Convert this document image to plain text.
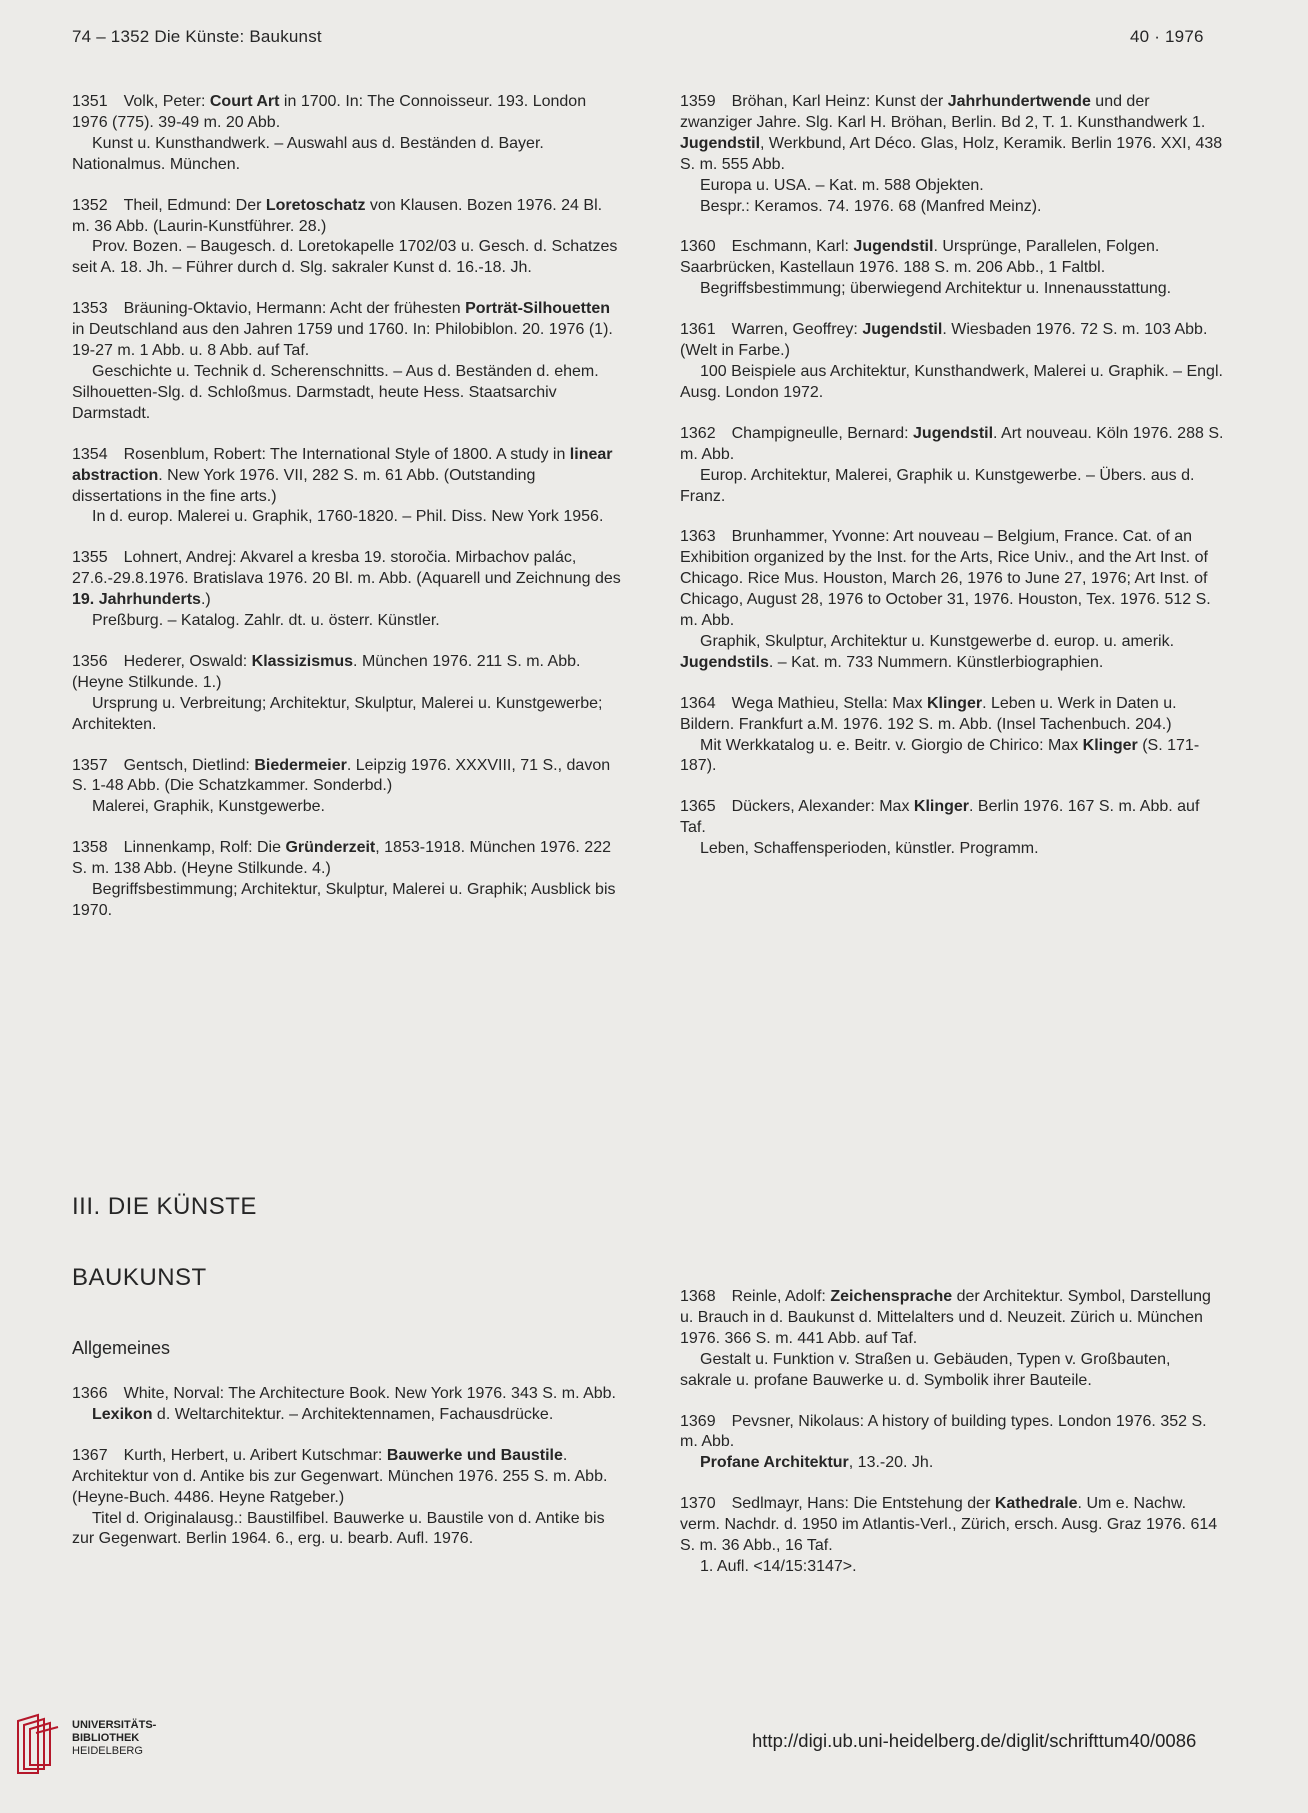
74 – 1352 Die Künste: Baukunst	40 · 1976
1351 Volk, Peter: Court Art in 1700. In: The Connoisseur. 193. London 1976 (775). 39-49 m. 20 Abb.
Kunst u. Kunsthandwerk. – Auswahl aus d. Beständen d. Bayer. Nationalmus. München.
1352 Theil, Edmund: Der Loretoschatz von Klausen. Bozen 1976. 24 Bl. m. 36 Abb. (Laurin-Kunstführer. 28.)
Prov. Bozen. – Baugesch. d. Loretokapelle 1702/03 u. Gesch. d. Schatzes seit A. 18. Jh. – Führer durch d. Slg. sakraler Kunst d. 16.-18. Jh.
1353 Bräuning-Oktavio, Hermann: Acht der frühesten Porträt-Silhouetten in Deutschland aus den Jahren 1759 und 1760. In: Philobiblon. 20. 1976 (1). 19-27 m. 1 Abb. u. 8 Abb. auf Taf.
Geschichte u. Technik d. Scherenschnitts. – Aus d. Beständen d. ehem. Silhouetten-Slg. d. Schloßmus. Darmstadt, heute Hess. Staatsarchiv Darmstadt.
1354 Rosenblum, Robert: The International Style of 1800. A study in linear abstraction. New York 1976. VII, 282 S. m. 61 Abb. (Outstanding dissertations in the fine arts.)
In d. europ. Malerei u. Graphik, 1760-1820. – Phil. Diss. New York 1956.
1355 Lohnert, Andrej: Akvarel a kresba 19. storočia. Mirbachov palác, 27.6.-29.8.1976. Bratislava 1976. 20 Bl. m. Abb. (Aquarell und Zeichnung des 19. Jahrhunderts.)
Preßburg. – Katalog. Zahlr. dt. u. österr. Künstler.
1356 Hederer, Oswald: Klassizismus. München 1976. 211 S. m. Abb. (Heyne Stilkunde. 1.)
Ursprung u. Verbreitung; Architektur, Skulptur, Malerei u. Kunstgewerbe; Architekten.
1357 Gentsch, Dietlind: Biedermeier. Leipzig 1976. XXXVIII, 71 S., davon S. 1-48 Abb. (Die Schatzkammer. Sonderbd.)
Malerei, Graphik, Kunstgewerbe.
1358 Linnenkamp, Rolf: Die Gründerzeit, 1853-1918. München 1976. 222 S. m. 138 Abb. (Heyne Stilkunde. 4.)
Begriffsbestimmung; Architektur, Skulptur, Malerei u. Graphik; Ausblick bis 1970.
1359 Bröhan, Karl Heinz: Kunst der Jahrhundertwende und der zwanziger Jahre. Slg. Karl H. Bröhan, Berlin. Bd 2, T. 1. Kunsthandwerk 1. Jugendstil, Werkbund, Art Déco. Glas, Holz, Keramik. Berlin 1976. XXI, 438 S. m. 555 Abb.
Europa u. USA. – Kat. m. 588 Objekten.
Bespr.: Keramos. 74. 1976. 68 (Manfred Meinz).
1360 Eschmann, Karl: Jugendstil. Ursprünge, Parallelen, Folgen. Saarbrücken, Kastellaun 1976. 188 S. m. 206 Abb., 1 Faltbl.
Begriffsbestimmung; überwiegend Architektur u. Innenausstattung.
1361 Warren, Geoffrey: Jugendstil. Wiesbaden 1976. 72 S. m. 103 Abb. (Welt in Farbe.)
100 Beispiele aus Architektur, Kunsthandwerk, Malerei u. Graphik. – Engl. Ausg. London 1972.
1362 Champigneulle, Bernard: Jugendstil. Art nouveau. Köln 1976. 288 S. m. Abb.
Europ. Architektur, Malerei, Graphik u. Kunstgewerbe. – Übers. aus d. Franz.
1363 Brunhammer, Yvonne: Art nouveau – Belgium, France. Cat. of an Exhibition organized by the Inst. for the Arts, Rice Univ., and the Art Inst. of Chicago. Rice Mus. Houston, March 26, 1976 to June 27, 1976; Art Inst. of Chicago, August 28, 1976 to October 31, 1976. Houston, Tex. 1976. 512 S. m. Abb.
Graphik, Skulptur, Architektur u. Kunstgewerbe d. europ. u. amerik. Jugendstils. – Kat. m. 733 Nummern. Künstlerbiographien.
1364 Wega Mathieu, Stella: Max Klinger. Leben u. Werk in Daten u. Bildern. Frankfurt a.M. 1976. 192 S. m. Abb. (Insel Tachenbuch. 204.)
Mit Werkkatalog u. e. Beitr. v. Giorgio de Chirico: Max Klinger (S. 171-187).
1365 Dückers, Alexander: Max Klinger. Berlin 1976. 167 S. m. Abb. auf Taf.
Leben, Schaffensperioden, künstler. Programm.
III. DIE KÜNSTE
BAUKUNST
Allgemeines
1366 White, Norval: The Architecture Book. New York 1976. 343 S. m. Abb.
Lexikon d. Weltarchitektur. – Architektennamen, Fachausdrücke.
1367 Kurth, Herbert, u. Aribert Kutschmar: Bauwerke und Baustile. Architektur von d. Antike bis zur Gegenwart. München 1976. 255 S. m. Abb. (Heyne-Buch. 4486. Heyne Ratgeber.)
Titel d. Originalausg.: Baustilfibel. Bauwerke u. Baustile von d. Antike bis zur Gegenwart. Berlin 1964. 6., erg. u. bearb. Aufl. 1976.
1368 Reinle, Adolf: Zeichensprache der Architektur. Symbol, Darstellung u. Brauch in d. Baukunst d. Mittelalters und d. Neuzeit. Zürich u. München 1976. 366 S. m. 441 Abb. auf Taf.
Gestalt u. Funktion v. Straßen u. Gebäuden, Typen v. Großbauten, sakrale u. profane Bauwerke u. d. Symbolik ihrer Bauteile.
1369 Pevsner, Nikolaus: A history of building types. London 1976. 352 S. m. Abb.
Profane Architektur, 13.-20. Jh.
1370 Sedlmayr, Hans: Die Entstehung der Kathedrale. Um e. Nachw. verm. Nachdr. d. 1950 im Atlantis-Verl., Zürich, ersch. Ausg. Graz 1976. 614 S. m. 36 Abb., 16 Taf.
1. Aufl. <14/15:3147>.
UNIVERSITÄTS-
BIBLIOTHEK
HEIDELBERG	http://digi.ub.uni-heidelberg.de/diglit/schrifttum40/0086
